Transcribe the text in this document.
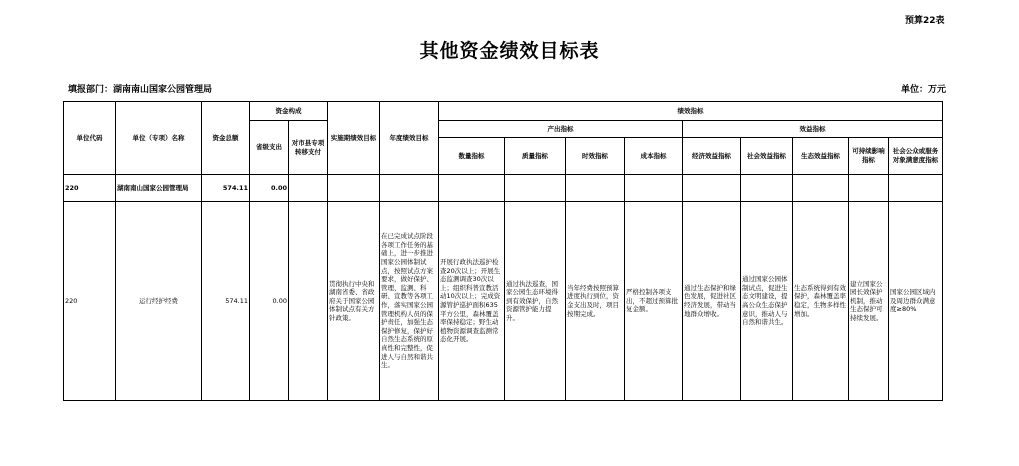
预算22表
其他资金绩效目标表
填报部门：湖南南山国家公园管理局	单位：万元
单位代码	单位（专项）名称	资金总额	资金构成		实施期绩效目标	年度绩效目标	绩效指标								
			省级支出	对市县专项转移支付			产出指标				效益指标				
							数量指标	质量指标	时效指标	成本指标	经济效益指标	社会效益指标	生态效益指标	可持续影响指标	社会公众或服务对象满意度指标
220	湖南南山国家公园管理局	574.11	0.00												
220	运行经护经费	574.11	0.00		贯彻执行中央和湖南省委、省政府关于国家公园体制试点有关方针政策。	在已完成试点阶段各项工作任务的基础上，进一步推进国家公园体制试点，按照试点方案要求，做好保护、管理、监测、科研、宣教等各项工作，落实国家公园管理机构人员的保护责任，加强生态保护修复，保护好自然生态系统的原真性和完整性，促进人与自然和谐共生。	开展行政执法巡护检查20次以上；开展生态监测调查30次以上；组织科普宣教活动10次以上；完成资源管护巡护面积635平方公里，森林覆盖率保持稳定；野生动植物资源调查监测常态化开展。	通过执法巡查，国家公园生态环境得到有效保护，自然资源管护能力提升。	当年经费按照预算进度执行到位，资金支出及时，项目按期完成。	严格控制各项支出，不超过预算批复金额。	通过生态保护和绿色发展，促进社区经济发展，带动当地群众增收。	通过国家公园体制试点，促进生态文明建设，提高公众生态保护意识，推动人与自然和谐共生。	生态系统得到有效保护，森林覆盖率稳定，生物多样性增加。	建立国家公园长效保护机制，推动生态保护可持续发展。	国家公园区域内及周边群众满意度≥80%
